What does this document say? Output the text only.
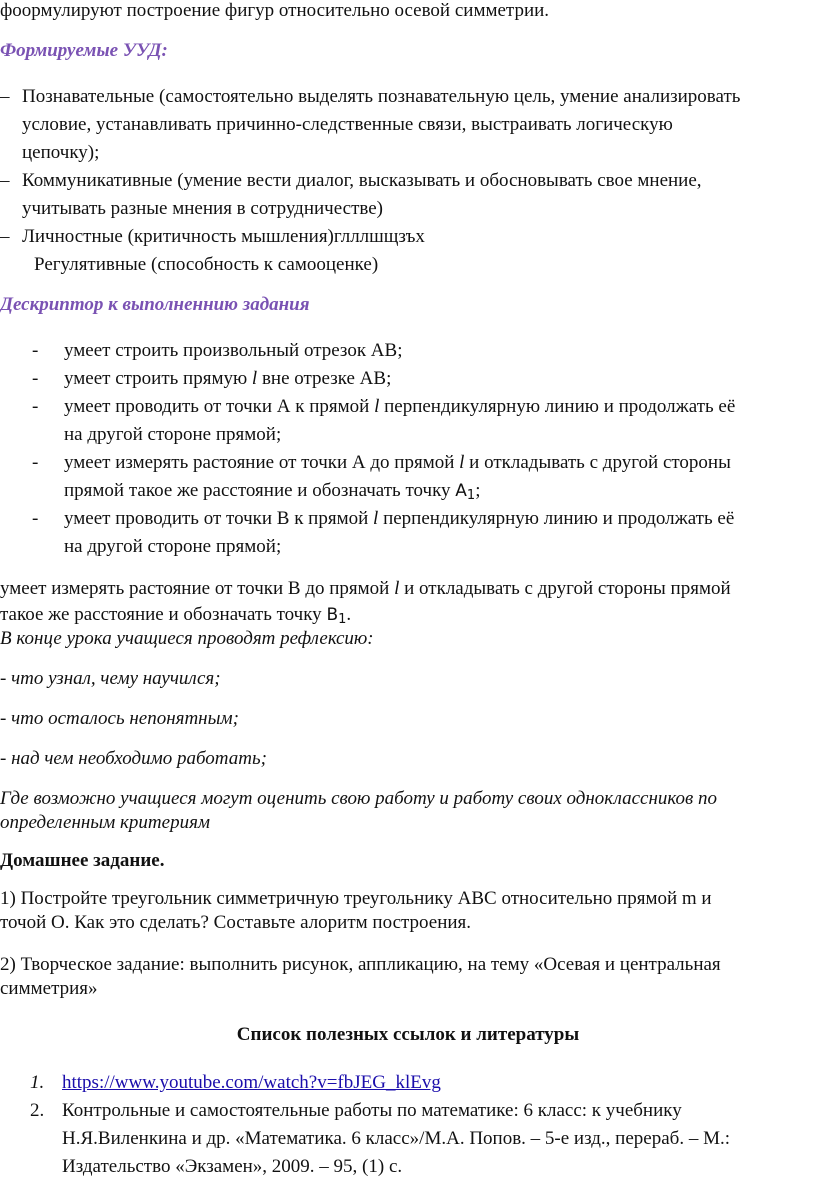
фоормулируют построение фигур относительно осевой симметрии.
Формируемые УУД:
– Познавательные (самостоятельно выделять познавательную цель, умение анализировать
условие, устанавливать причинно-следственные связи, выстраивать логическую
цепочку);
– Коммуникативные (умение вести диалог, высказывать и обосновывать свое мнение,
учитывать разные мнения в сотрудничестве)
– Личностные (критичность мышления)глллшщзъх
Регулятивные (способность к самооценке)
Дескриптор к выполненнию задания
- умеет строить произвольный отрезок АВ;
- умеет строить прямую l вне отрезке АВ;
- умеет проводить от точки А к прямой l перпендикулярную линию и продолжать её
на другой стороне прямой;
- умеет измерять растояние от точки А до прямой l и откладывать с другой стороны
прямой такое же расстояние и обозначать точку $A_1$;
- умеет проводить от точки В к прямой l перпендикулярную линию и продолжать её
на другой стороне прямой;
умеет измерять растояние от точки В до прямой l и откладывать с другой стороны прямой
такое же расстояние и обозначать точку $B_1$.
В конце урока учащиеся проводят рефлексию:
- что узнал, чему научился;
- что осталось непонятным;
- над чем необходимо работать;
Где возможно учащиеся могут оценить свою работу и работу своих одноклассников по
определенным критериям
Домашнее задание.
1) Постройте треугольник симметричную треугольнику АВС относительно прямой m и
точой О. Как это сделать? Составьте алоритм построения.
2) Творческое задание: выполнить рисунок, аппликацию, на тему «Осевая и центральная
симметрия»
Список полезных ссылок и литературы
1. https://www.youtube.com/watch?v=fbJEG_klEvg
2. Контрольные и самостоятельные работы по математике: 6 класс: к учебнику
Н.Я.Виленкина и др. «Математика. 6 класс»/М.А. Попов. – 5-е изд., перераб. – М.:
Издательство «Экзамен», 2009. – 95, (1) с.
